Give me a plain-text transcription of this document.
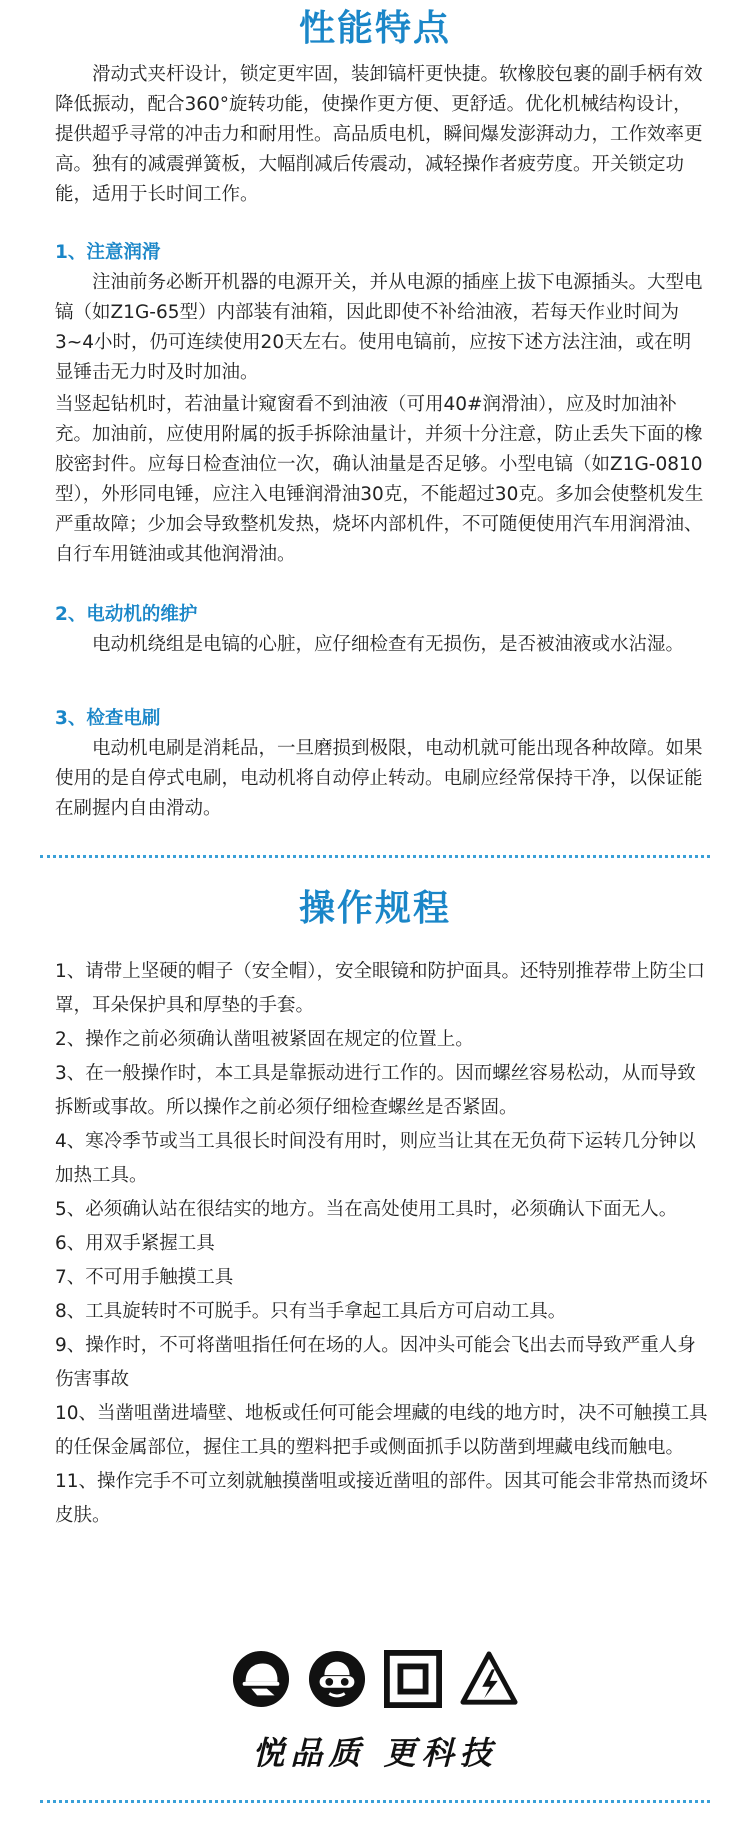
性能特点

滑动式夹杆设计，锁定更牢固，装卸镐杆更快捷。软橡胶包裹的副手柄有效降低振动，配合360°旋转功能，使操作更方便、更舒适。优化机械结构设计，提供超乎寻常的冲击力和耐用性。高品质电机，瞬间爆发澎湃动力，工作效率更高。独有的减震弹簧板，大幅削减后传震动，减轻操作者疲劳度。开关锁定功能，适用于长时间工作。

1、注意润滑

注油前务必断开机器的电源开关，并从电源的插座上拔下电源插头。大型电镐（如Z1G-65型）内部装有油箱，因此即使不补给油液，若每天作业时间为3~4小时，仍可连续使用20天左右。使用电镐前，应按下述方法注油，或在明显锤击无力时及时加油。

当竖起钻机时，若油量计窥窗看不到油液（可用40#润滑油），应及时加油补充。加油前，应使用附属的扳手拆除油量计，并须十分注意，防止丢失下面的橡胶密封件。应每日检查油位一次，确认油量是否足够。小型电镐（如Z1G-0810型），外形同电锤，应注入电锤润滑油30克，不能超过30克。多加会使整机发生严重故障；少加会导致整机发热，烧坏内部机件，不可随便使用汽车用润滑油、自行车用链油或其他润滑油。

2、电动机的维护

电动机绕组是电镐的心脏，应仔细检查有无损伤，是否被油液或水沾湿。

3、检查电刷

电动机电刷是消耗品，一旦磨损到极限，电动机就可能出现各种故障。如果使用的是自停式电刷，电动机将自动停止转动。电刷应经常保持干净，以保证能在刷握内自由滑动。

操作规程
1、请带上坚硬的帽子（安全帽），安全眼镜和防护面具。还特别推荐带上防尘口罩，耳朵保护具和厚垫的手套。
2、操作之前必须确认凿咀被紧固在规定的位置上。
3、在一般操作时，本工具是靠振动进行工作的。因而螺丝容易松动，从而导致拆断或事故。所以操作之前必须仔细检查螺丝是否紧固。
4、寒冷季节或当工具很长时间没有用时，则应当让其在无负荷下运转几分钟以加热工具。
5、必须确认站在很结实的地方。当在高处使用工具时，必须确认下面无人。
6、用双手紧握工具
7、不可用手触摸工具
8、工具旋转时不可脱手。只有当手拿起工具后方可启动工具。
9、操作时，不可将凿咀指任何在场的人。因冲头可能会飞出去而导致严重人身伤害事故
10、当凿咀凿进墙壁、地板或任何可能会埋藏的电线的地方时，决不可触摸工具的任保金属部位，握住工具的塑料把手或侧面抓手以防凿到埋藏电线而触电。
11、操作完手不可立刻就触摸凿咀或接近凿咀的部件。因其可能会非常热而烫坏皮肤。

悦品质 更科技
